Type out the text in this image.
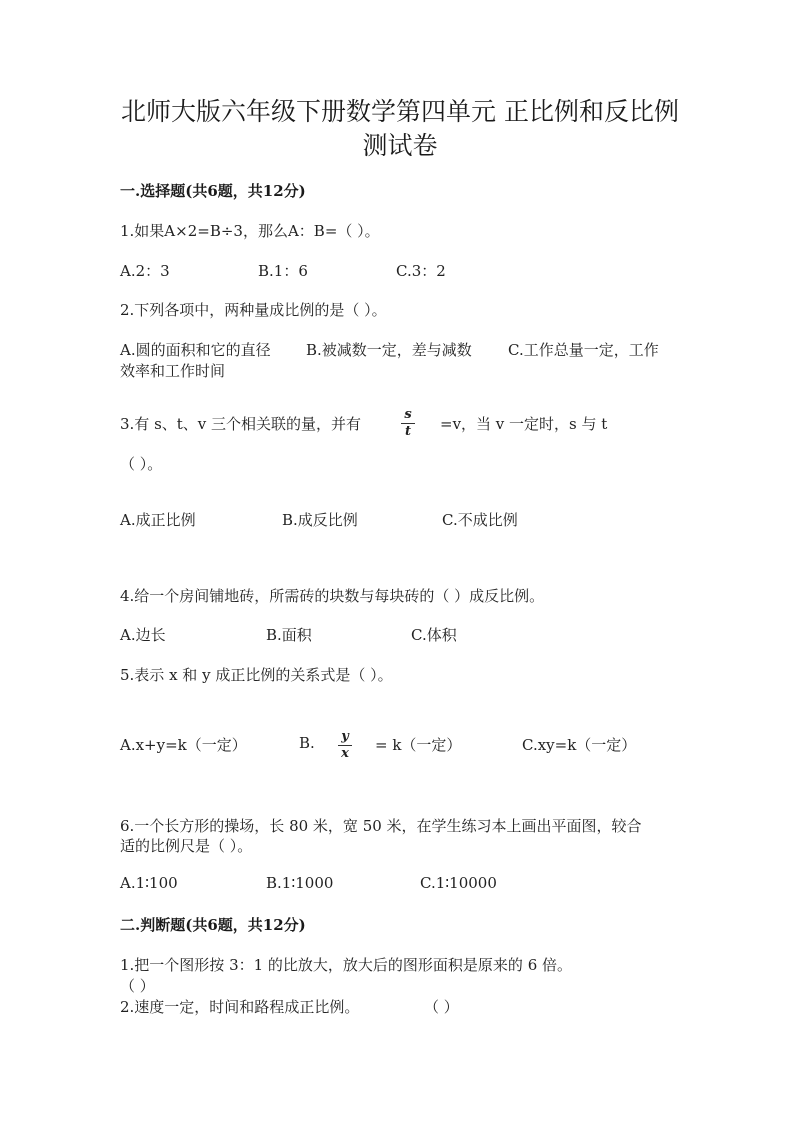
北师大版六年级下册数学第四单元 正比例和反比例
测试卷
一.选择题(共6题，共12分)
1.如果A×2=B÷3，那么A：B=（ ）。
A.2：3	B.1：6	C.3：2
2.下列各项中，两种量成比例的是（ ）。
A.圆的面积和它的直径 B.被减数一定，差与减数 C.工作总量一定，工作
效率和工作时间
3.有 s、t、v 三个相关联的量，并有	$\frac{s}{t} =v$，当 v 一定时，s 与 t
（ ）。
A.成正比例	B.成反比例	C.不成比例
4.给一个房间铺地砖，所需砖的块数与每块砖的（ ）成反比例。
A.边长	B.面积	C.体积
5.表示 x 和 y 成正比例的关系式是（ ）。
A.x+y=k（一定）	B. $\frac{y}{x} = k$（一定）	C.xy=k（一定）
6.一个长方形的操场，长 80 米，宽 50 米，在学生练习本上画出平面图，较合
适的比例尺是（ ）。
A.1∶100	B.1∶1000	C.1∶10000
二.判断题(共6题，共12分)
1.把一个图形按 3：1 的比放大，放大后的图形面积是原来的 6 倍。
（ ）
2.速度一定，时间和路程成正比例。	（ ）
